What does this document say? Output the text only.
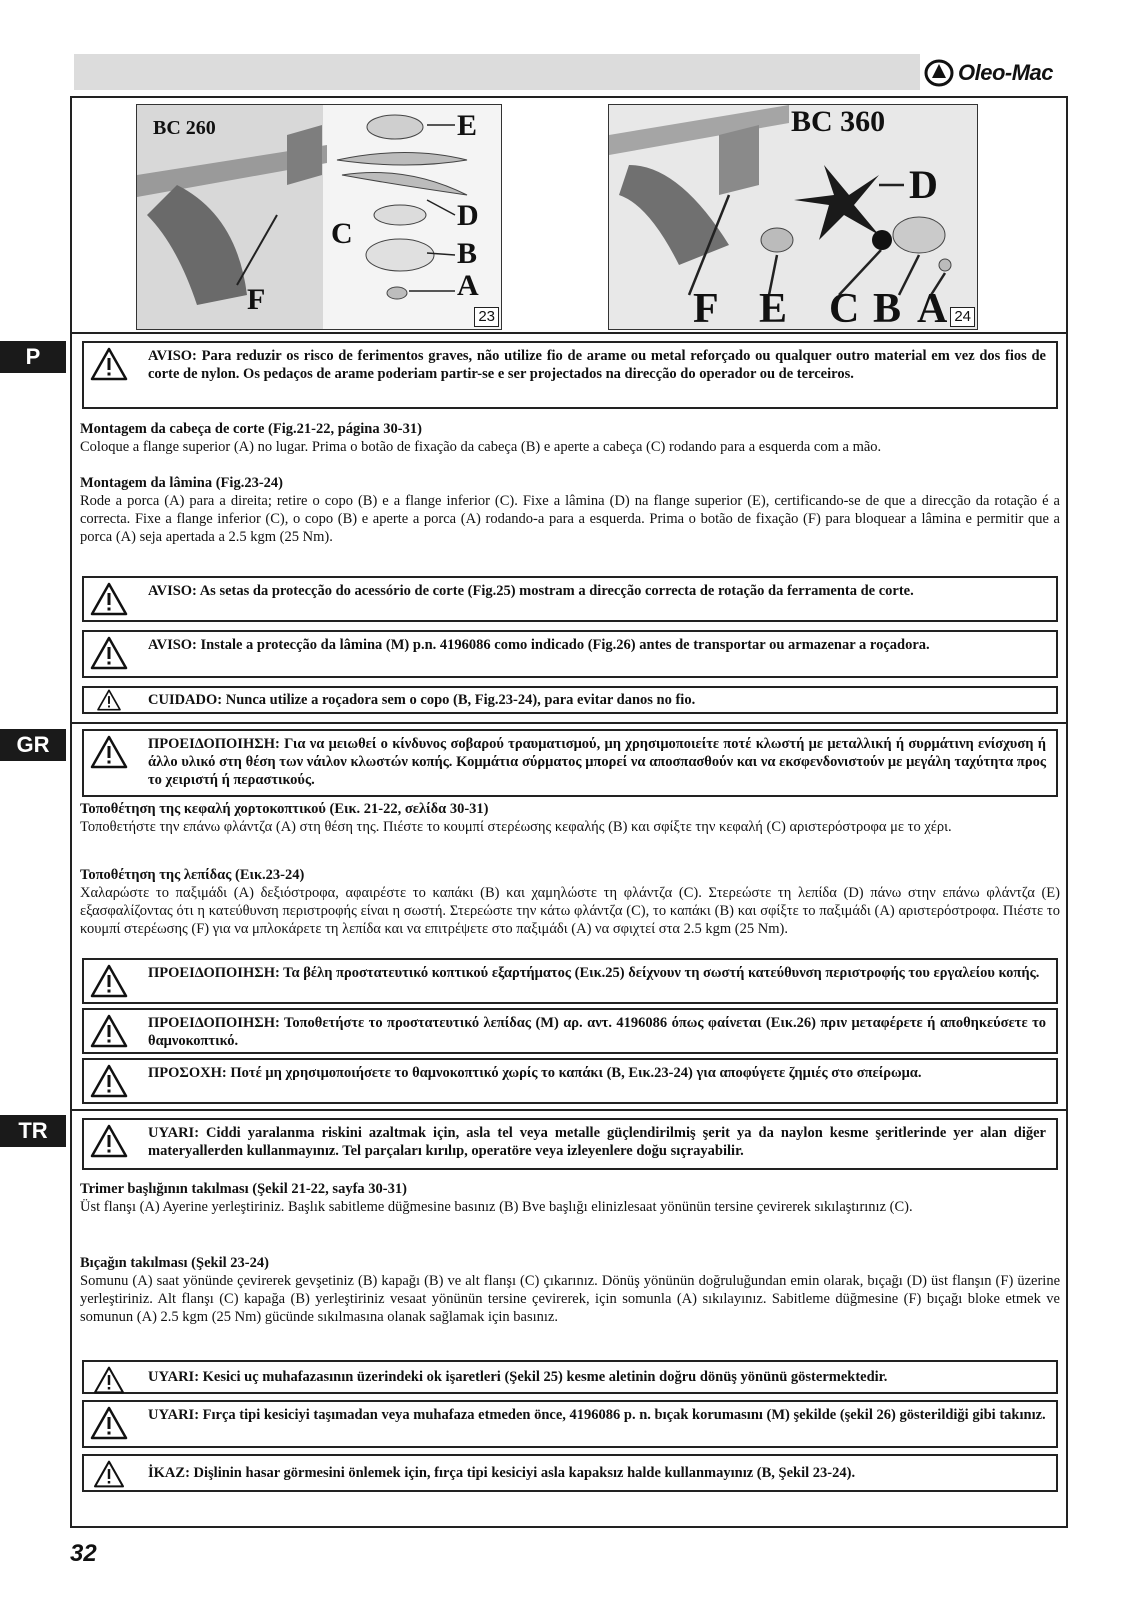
Oleo-Mac
BC 260	E
D
C
B
A
F
23
BC 360
D
F E C B A 24
P	AVISO: Para reduzir os risco de ferimentos graves, não utilize fio de arame ou metal reforçado ou qualquer outro material em vez dos fios de corte de nylon. Os pedaços de arame poderiam partir-se e ser projectados na direcção do operador ou de terceiros.
Montagem da cabeça de corte (Fig.21-22, página 30-31)
Coloque a flange superior (A) no lugar. Prima o botão de fixação da cabeça (B) e aperte a cabeça (C) rodando para a esquerda com a mão.
Montagem da lâmina (Fig.23-24)
Rode a porca (A) para a direita; retire o copo (B) e a flange inferior (C). Fixe a lâmina (D) na flange superior (E), certificando-se de que a direcção da rotação é a correcta. Fixe a flange inferior (C), o copo (B) e aperte a porca (A) rodando-a para a esquerda. Prima o botão de fixação (F) para bloquear a lâmina e permitir que a porca (A) seja apertada a 2.5 kgm (25 Nm).
AVISO: As setas da protecção do acessório de corte (Fig.25) mostram a direcção correcta de rotação da ferramenta de corte.
AVISO: Instale a protecção da lâmina (M) p.n. 4196086 como indicado (Fig.26) antes de transportar ou armazenar a roçadora.
CUIDADO: Nunca utilize a roçadora sem o copo (B, Fig.23-24), para evitar danos no fio.
GR	ΠΡΟΕΙΔΟΠΟΙΗΣΗ: Για να μειωθεί ο κίνδυνος σοβαρού τραυματισμού, μη χρησιμοποιείτε ποτέ κλωστή με μεταλλική ή συρμάτινη ενίσχυση ή άλλο υλικό στη θέση των νάιλον κλωστών κοπής. Κομμάτια σύρματος μπορεί να αποσπασθούν και να εκσφενδονιστούν με μεγάλη ταχύτητα προς το χειριστή ή περαστικούς.
Τοποθέτηση της κεφαλή χορτοκοπτικού (Εικ. 21-22, σελίδα 30-31)
Τοποθετήστε την επάνω φλάντζα (A) στη θέση της. Πιέστε το κουμπί στερέωσης κεφαλής (B) και σφίξτε την κεφαλή (C) αριστερόστροφα με το χέρι.
Τοποθέτηση της λεπίδας (Εικ.23-24)
Χαλαρώστε το παξιμάδι (A) δεξιόστροφα, αφαιρέστε το καπάκι (B) και χαμηλώστε τη φλάντζα (C). Στερεώστε τη λεπίδα (D) πάνω στην επάνω φλάντζα (E) εξασφαλίζοντας ότι η κατεύθυνση περιστροφής είναι η σωστή. Στερεώστε την κάτω φλάντζα (C), το καπάκι (B) και σφίξτε το παξιμάδι (A) αριστερόστροφα. Πιέστε το κουμπί στερέωσης (F) για να μπλοκάρετε τη λεπίδα και να επιτρέψετε στο παξιμάδι (A) να σφιχτεί στα 2.5 kgm (25 Nm).
ΠΡΟΕΙΔΟΠΟΙΗΣΗ: Τα βέλη προστατευτικό κοπτικού εξαρτήματος (Εικ.25) δείχνουν τη σωστή κατεύθυνση περιστροφής του εργαλείου κοπής.
ΠΡΟΕΙΔΟΠΟΙΗΣΗ: Τοποθετήστε το προστατευτικό λεπίδας (M) αρ. αντ. 4196086 όπως φαίνεται (Εικ.26) πριν μεταφέρετε ή αποθηκεύσετε το θαμνοκοπτικό.
ΠΡΟΣΟΧΗ: Ποτέ μη χρησιμοποιήσετε το θαμνοκοπτικό χωρίς το καπάκι (B, Εικ.23-24) για αποφύγετε ζημιές στο σπείρωμα.
TR	UYARI: Ciddi yaralanma riskini azaltmak için, asla tel veya metalle güçlendirilmiş şerit ya da naylon kesme şeritlerinde yer alan diğer materyallerden kullanmayınız. Tel parçaları kırılıp, operatöre veya izleyenlere doğu sıçrayabilir.
Trimer başlığının takılması (Şekil 21-22, sayfa 30-31)
Üst flanşı (A) Ayerine yerleştiriniz. Başlık sabitleme düğmesine basınız (B) Bve başlığı elinizlesaat yönünün tersine çevirerek sıkılaştırınız (C).
Bıçağın takılması (Şekil 23-24)
Somunu (A) saat yönünde çevirerek gevşetiniz (B) kapağı (B) ve alt flanşı (C) çıkarınız. Dönüş yönünün doğruluğundan emin olarak, bıçağı (D) üst flanşın (F) üzerine yerleştiriniz. Alt flanşı (C) kapağa (B) yerleştiriniz vesaat yönünün tersine çevirerek, için somunla (A) sıkılayınız. Sabitleme düğmesine (F) bıçağı bloke etmek ve somunun (A) 2.5 kgm (25 Nm) gücünde sıkılmasına olanak sağlamak için basınız.
UYARI: Kesici uç muhafazasının üzerindeki ok işaretleri (Şekil 25) kesme aletinin doğru dönüş yönünü göstermektedir.
UYARI: Fırça tipi kesiciyi taşımadan veya muhafaza etmeden önce, 4196086 p. n. bıçak korumasını (M) şekilde (şekil 26) gösterildiği gibi takınız.
İKAZ: Dişlinin hasar görmesini önlemek için, fırça tipi kesiciyi asla kapaksız halde kullanmayınız (B, Şekil 23-24).
32
